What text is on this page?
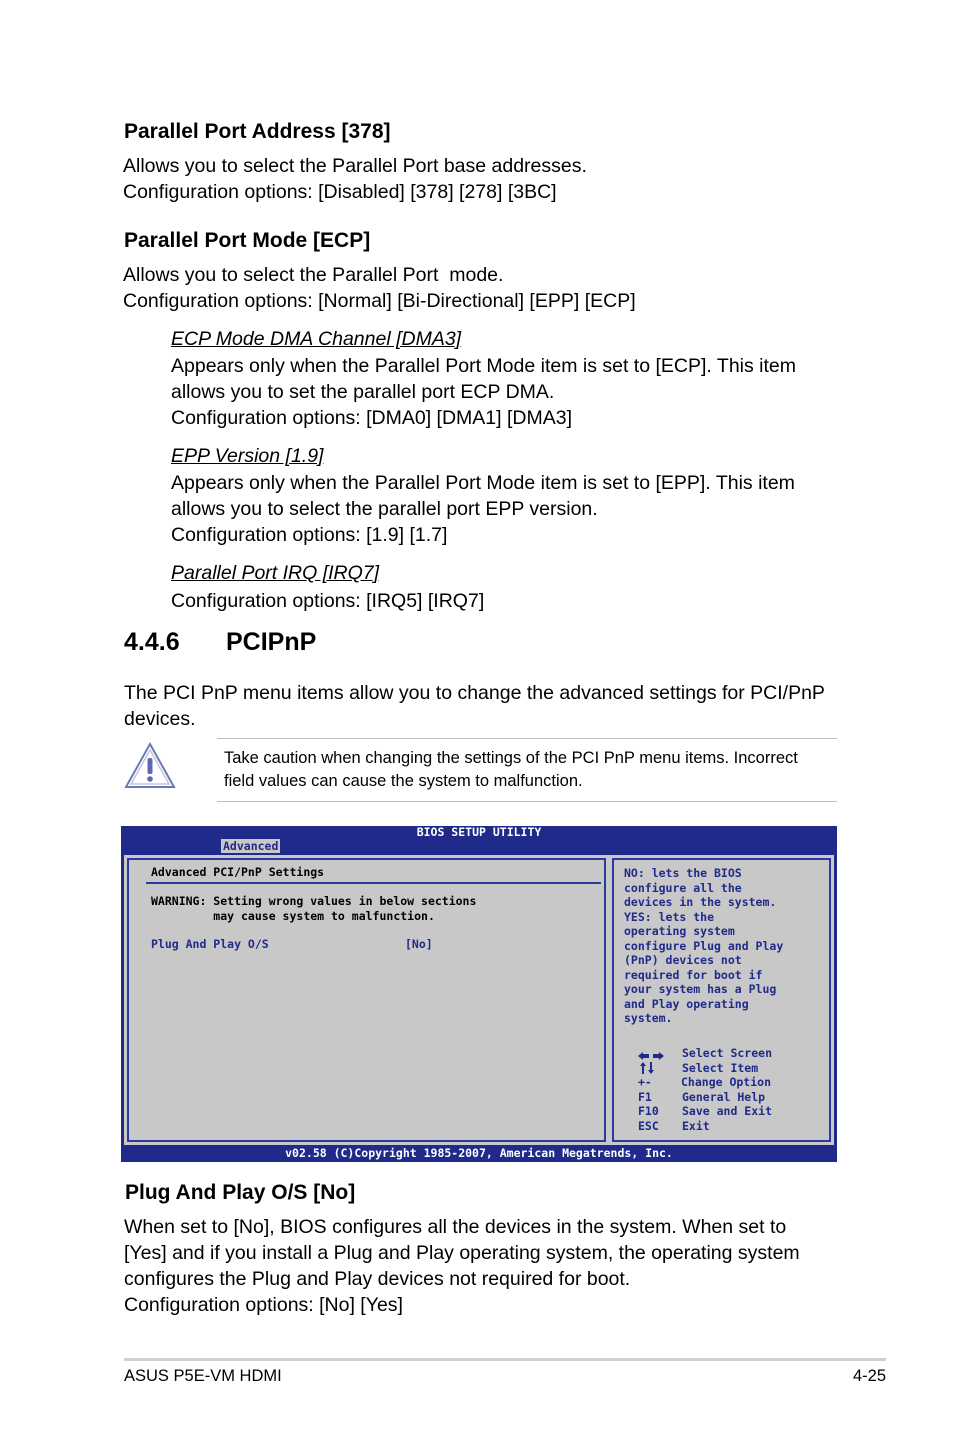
Parallel Port Address [378]
Allows you to select the Parallel Port base addresses.
Configuration options: [Disabled] [378] [278] [3BC]
Parallel Port Mode [ECP]
Allows you to select the Parallel Port  mode.
Configuration options: [Normal] [Bi-Directional] [EPP] [ECP]
ECP Mode DMA Channel [DMA3]
Appears only when the Parallel Port Mode item is set to [ECP]. This item
allows you to set the parallel port ECP DMA.
Configuration options: [DMA0] [DMA1] [DMA3]
EPP Version [1.9]
Appears only when the Parallel Port Mode item is set to [EPP]. This item
allows you to select the parallel port EPP version.
Configuration options: [1.9] [1.7]
Parallel Port IRQ [IRQ7]
Configuration options: [IRQ5] [IRQ7]
4.4.6 PCIPnP
The PCI PnP menu items allow you to change the advanced settings for PCI/PnP
devices.
Take caution when changing the settings of the PCI PnP menu items. Incorrect
field values can cause the system to malfunction.
BIOS SETUP UTILITY
Advanced
Advanced PCI/PnP Settings
WARNING: Setting wrong values in below sections
may cause system to malfunction.
Plug And Play O/S	[No]
NO: lets the BIOS
configure all the
devices in the system.
YES: lets the
operating system
configure Plug and Play
(PnP) devices not
required for boot if
your system has a Plug
and Play operating
system.
Select Screen
Select Item
+-	Change Option
F1	General Help
F10 Save and Exit
ESC Exit
v02.58 (C)Copyright 1985-2007, American Megatrends, Inc.
Plug And Play O/S [No]
When set to [No], BIOS configures all the devices in the system. When set to
[Yes] and if you install a Plug and Play operating system, the operating system
configures the Plug and Play devices not required for boot.
Configuration options: [No] [Yes]
ASUS P5E-VM HDMI	4-25
